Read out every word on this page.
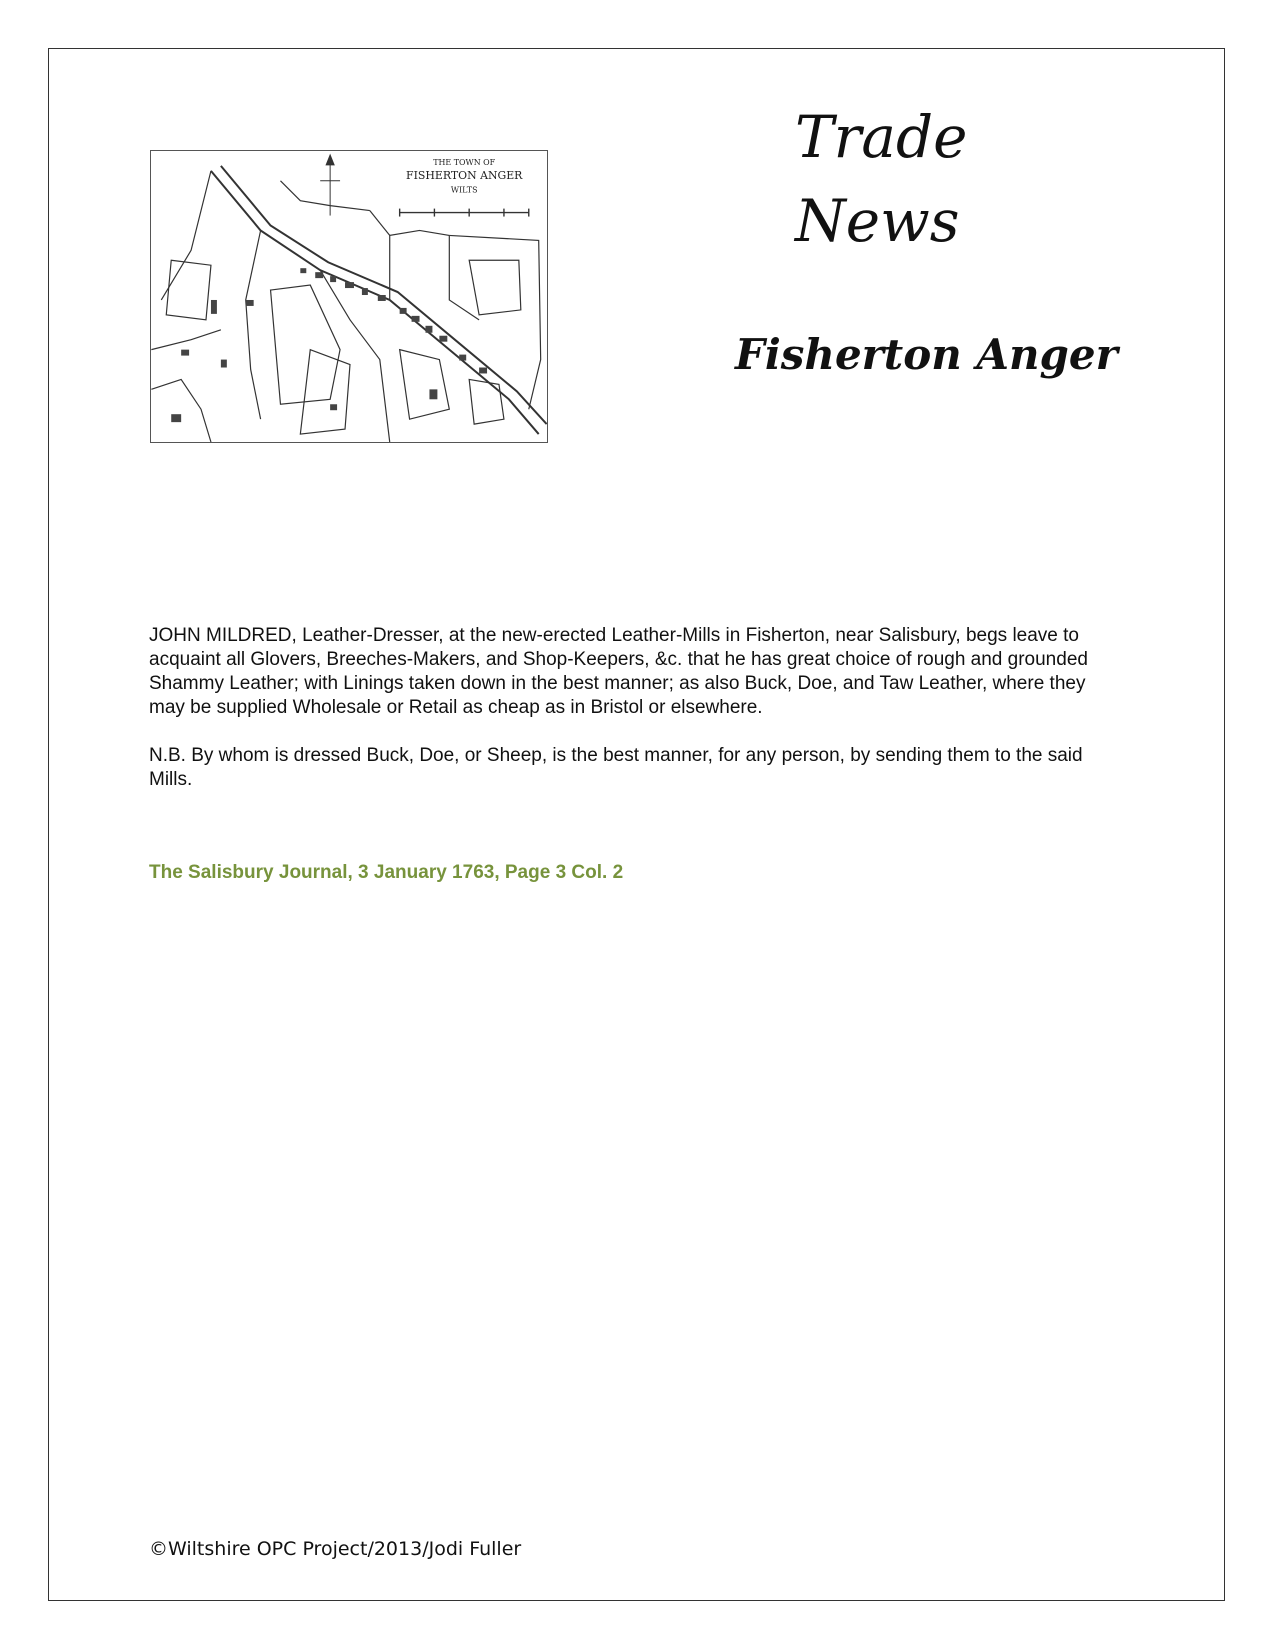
Trade
News
Fisherton Anger
THE TOWN OF
FISHERTON ANGER
WILTS

JOHN MILDRED, Leather-Dresser, at the new-erected Leather-Mills in Fisherton, near Salisbury, begs leave to acquaint all Glovers, Breeches-Makers, and Shop-Keepers, &c. that he has great choice of rough and grounded Shammy Leather; with Linings taken down in the best manner; as also Buck, Doe, and Taw Leather, where they may be supplied Wholesale or Retail as cheap as in Bristol or elsewhere.

N.B. By whom is dressed Buck, Doe, or Sheep, is the best manner, for any person, by sending them to the said Mills.

The Salisbury Journal, 3 January 1763, Page 3 Col. 2
©Wiltshire OPC Project/2013/Jodi Fuller
